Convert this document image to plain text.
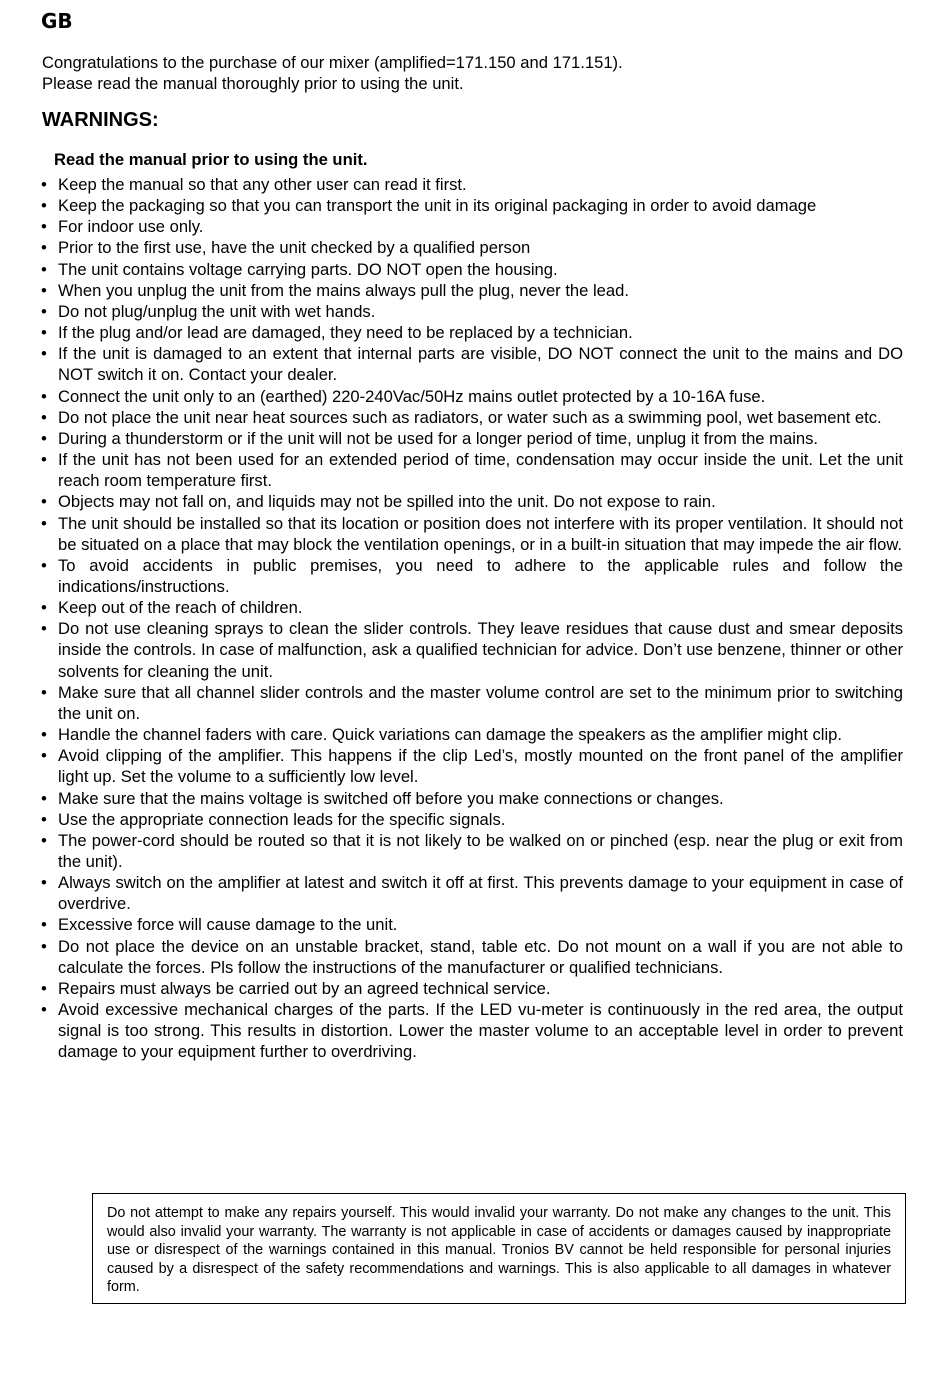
GB

Congratulations to the purchase of our mixer (amplified=171.150 and 171.151).

Please read the manual thoroughly prior to using the unit.

WARNINGS:
Read the manual prior to using the unit.
• Keep the manual so that any other user can read it first.
• Keep the packaging so that you can transport the unit in its original packaging in order to avoid damage
• For indoor use only.
• Prior to the first use, have the unit checked by a qualified person
• The unit contains voltage carrying parts. DO NOT open the housing.
• When you unplug the unit from the mains always pull the plug, never the lead.
• Do not plug/unplug the unit with wet hands.
• If the plug and/or lead are damaged, they need to be replaced by a technician.
• If the unit is damaged to an extent that internal parts are visible, DO NOT connect the unit to the mains and DO NOT switch it on. Contact your dealer.
• Connect the unit only to an (earthed) 220-240Vac/50Hz mains outlet protected by a 10-16A fuse.
• Do not place the unit near heat sources such as radiators, or water such as a swimming pool, wet basement etc.
• During a thunderstorm or if the unit will not be used for a longer period of time, unplug it from the mains.
• If the unit has not been used for an extended period of time, condensation may occur inside the unit. Let the unit reach room temperature first.
• Objects may not fall on, and liquids may not be spilled into the unit. Do not expose to rain.
• The unit should be installed so that its location or position does not interfere with its proper ventilation. It should not be situated on a place that may block the ventilation openings, or in a built-in situation that may impede the air flow.
• To avoid accidents in public premises, you need to adhere to the applicable rules and follow the indications/instructions.
• Keep out of the reach of children.
• Do not use cleaning sprays to clean the slider controls. They leave residues that cause dust and smear deposits inside the controls. In case of malfunction, ask a qualified technician for advice. Don’t use benzene, thinner or other solvents for cleaning the unit.
• Make sure that all channel slider controls and the master volume control are set to the minimum prior to switching the unit on.
• Handle the channel faders with care. Quick variations can damage the speakers as the amplifier might clip.
• Avoid clipping of the amplifier. This happens if the clip Led’s, mostly mounted on the front panel of the amplifier light up. Set the volume to a sufficiently low level.
• Make sure that the mains voltage is switched off before you make connections or changes.
• Use the appropriate connection leads for the specific signals.
• The power-cord should be routed so that it is not likely to be walked on or pinched (esp. near the plug or exit from the unit).
• Always switch on the amplifier at latest and switch it off at first. This prevents damage to your equipment in case of overdrive.
• Excessive force will cause damage to the unit.
• Do not place the device on an unstable bracket, stand, table etc. Do not mount on a wall if you are not able to calculate the forces. Pls follow the instructions of the manufacturer or qualified technicians.
• Repairs must always be carried out by an agreed technical service.
• Avoid excessive mechanical charges of the parts. If the LED vu-meter is continuously in the red area, the output signal is too strong. This results in distortion. Lower the master volume to an acceptable level in order to prevent damage to your equipment further to overdriving.
Do not attempt to make any repairs yourself. This would invalid your warranty. Do not make any changes to the unit. This would also invalid your warranty. The warranty is not applicable in case of accidents or damages caused by inappropriate use or disrespect of the warnings contained in this manual. Tronios BV cannot be held responsible for personal injuries caused by a disrespect of the safety recommendations and warnings. This is also applicable to all damages in whatever form.
